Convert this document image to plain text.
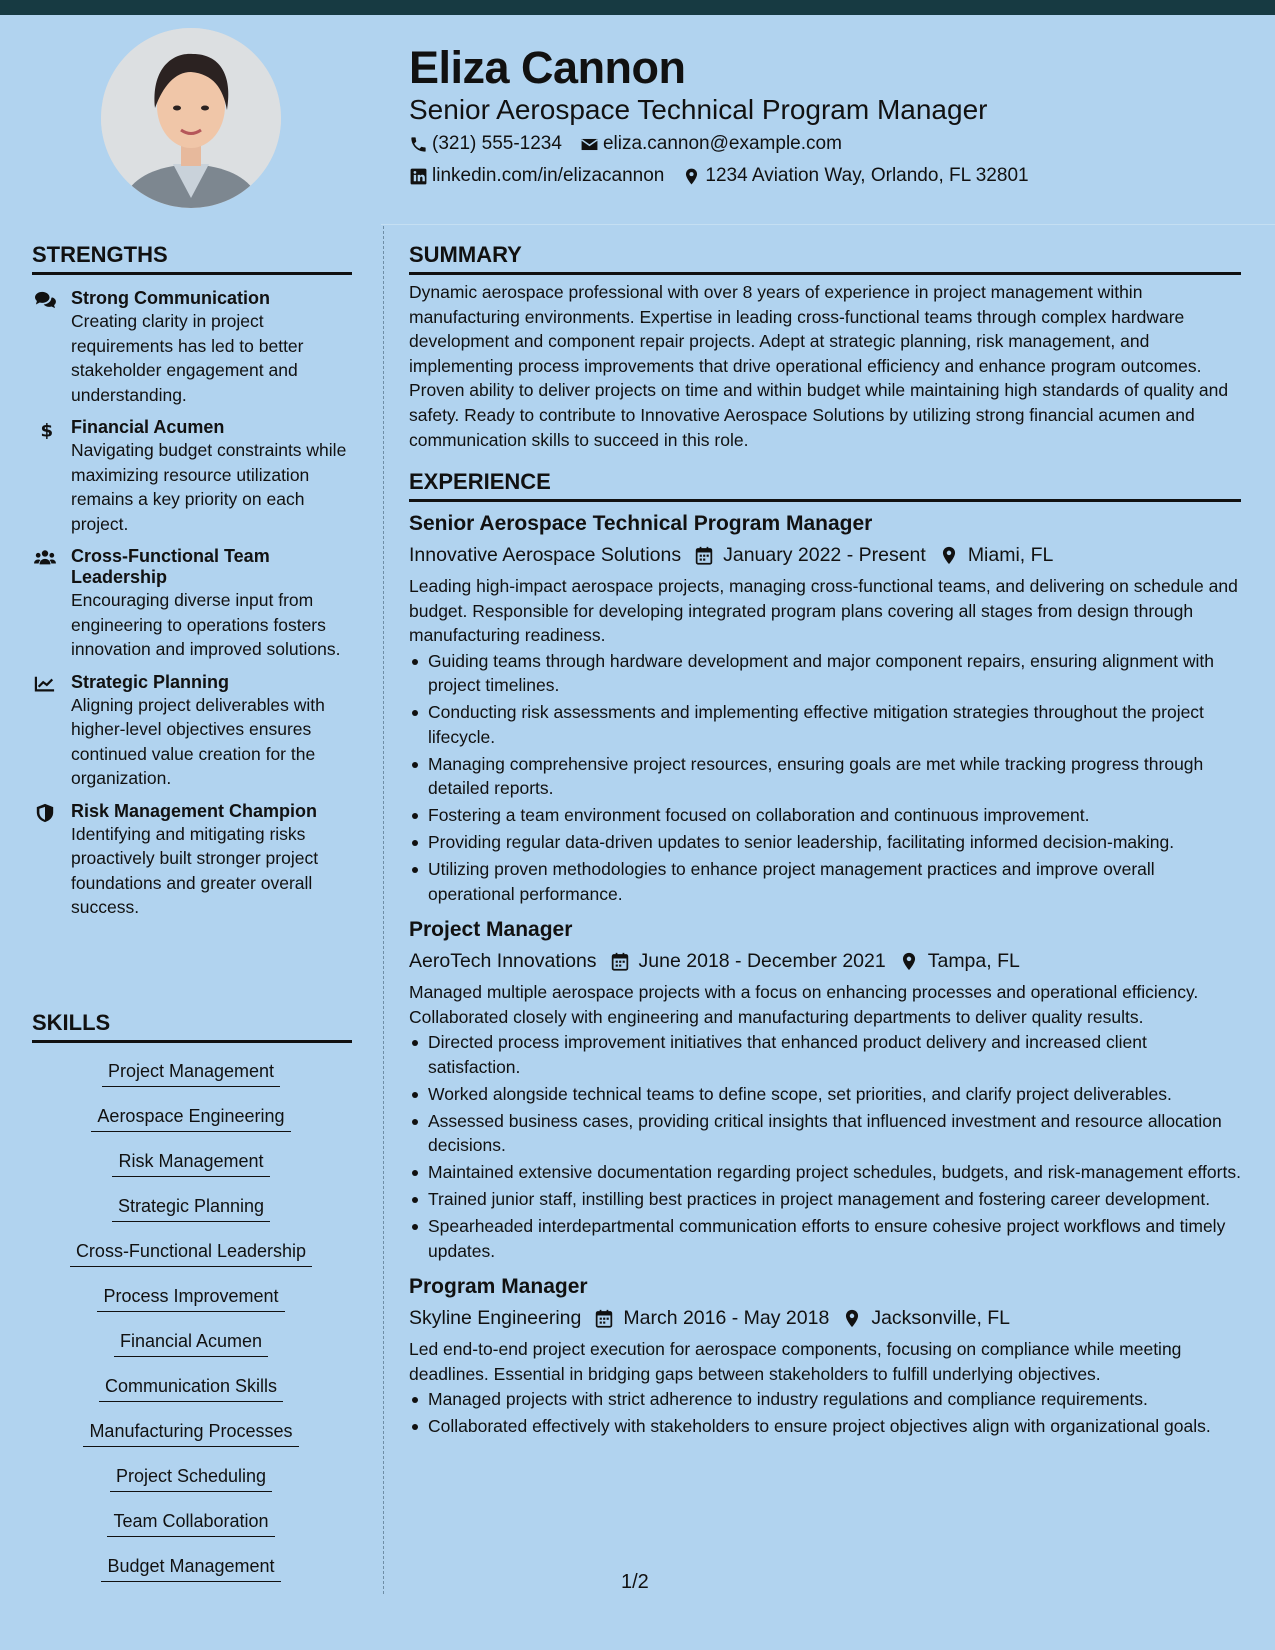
Eliza Cannon
Senior Aerospace Technical Program Manager
(321) 555-1234 eliza.cannon@example.com
linkedin.com/in/elizacannon 1234 Aviation Way, Orlando, FL 32801
STRENGTHS
Strong Communication
Creating clarity in project requirements has led to better stakeholder engagement and understanding.
$ Financial Acumen
Navigating budget constraints while maximizing resource utilization remains a key priority on each project.
Cross-Functional Team Leadership
Encouraging diverse input from engineering to operations fosters innovation and improved solutions.
Strategic Planning
Aligning project deliverables with higher-level objectives ensures continued value creation for the organization.
Risk Management Champion
Identifying and mitigating risks proactively built stronger project foundations and greater overall success.
SKILLS
Project Management
Aerospace Engineering
Risk Management
Strategic Planning
Cross-Functional Leadership
Process Improvement
Financial Acumen
Communication Skills
Manufacturing Processes
Project Scheduling
Team Collaboration
Budget Management
SUMMARY
Dynamic aerospace professional with over 8 years of experience in project management within manufacturing environments. Expertise in leading cross-functional teams through complex hardware development and component repair projects. Adept at strategic planning, risk management, and implementing process improvements that drive operational efficiency and enhance program outcomes. Proven ability to deliver projects on time and within budget while maintaining high standards of quality and safety. Ready to contribute to Innovative Aerospace Solutions by utilizing strong financial acumen and communication skills to succeed in this role.
EXPERIENCE
Senior Aerospace Technical Program Manager
Innovative Aerospace Solutions January 2022 - Present Miami, FL
Leading high-impact aerospace projects, managing cross-functional teams, and delivering on schedule and budget. Responsible for developing integrated program plans covering all stages from design through manufacturing readiness.
Guiding teams through hardware development and major component repairs, ensuring alignment with project timelines.
Conducting risk assessments and implementing effective mitigation strategies throughout the project lifecycle.
Managing comprehensive project resources, ensuring goals are met while tracking progress through detailed reports.
Fostering a team environment focused on collaboration and continuous improvement.
Providing regular data-driven updates to senior leadership, facilitating informed decision-making.
Utilizing proven methodologies to enhance project management practices and improve overall operational performance.
Project Manager
AeroTech Innovations June 2018 - December 2021 Tampa, FL
Managed multiple aerospace projects with a focus on enhancing processes and operational efficiency. Collaborated closely with engineering and manufacturing departments to deliver quality results.
Directed process improvement initiatives that enhanced product delivery and increased client satisfaction.
Worked alongside technical teams to define scope, set priorities, and clarify project deliverables.
Assessed business cases, providing critical insights that influenced investment and resource allocation decisions.
Maintained extensive documentation regarding project schedules, budgets, and risk-management efforts.
Trained junior staff, instilling best practices in project management and fostering career development.
Spearheaded interdepartmental communication efforts to ensure cohesive project workflows and timely updates.
Program Manager
Skyline Engineering March 2016 - May 2018 Jacksonville, FL
Led end-to-end project execution for aerospace components, focusing on compliance while meeting deadlines. Essential in bridging gaps between stakeholders to fulfill underlying objectives.
Managed projects with strict adherence to industry regulations and compliance requirements.
Collaborated effectively with stakeholders to ensure project objectives align with organizational goals.
1/2
